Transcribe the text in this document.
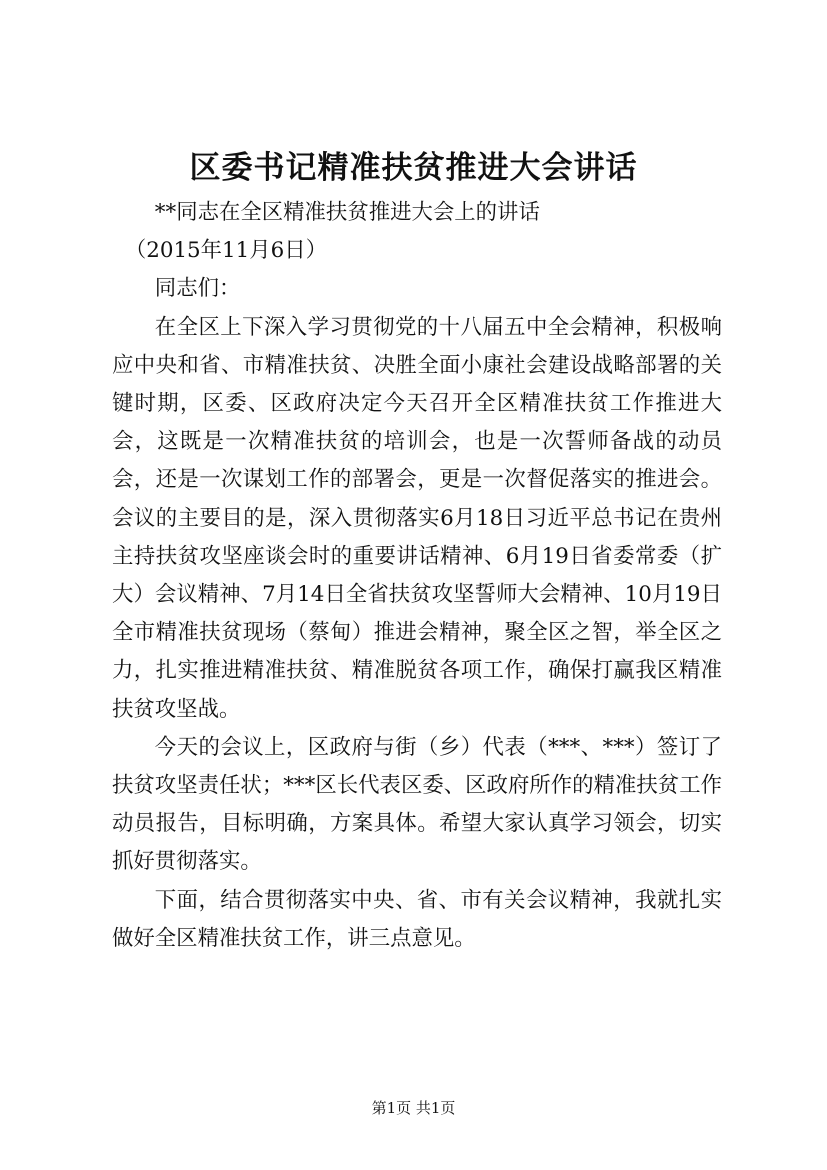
区委书记精准扶贫推进大会讲话

**同志在全区精准扶贫推进大会上的讲话

（2015年11月6日）

同志们：

在全区上下深入学习贯彻党的十八届五中全会精神，积极响应中央和省、市精准扶贫、决胜全面小康社会建设战略部署的关键时期，区委、区政府决定今天召开全区精准扶贫工作推进大会，这既是一次精准扶贫的培训会，也是一次誓师备战的动员会，还是一次谋划工作的部署会，更是一次督促落实的推进会。会议的主要目的是，深入贯彻落实6月18日习近平总书记在贵州主持扶贫攻坚座谈会时的重要讲话精神、6月19日省委常委（扩大）会议精神、7月14日全省扶贫攻坚誓师大会精神、10月19日全市精准扶贫现场（蔡甸）推进会精神，聚全区之智，举全区之力，扎实推进精准扶贫、精准脱贫各项工作，确保打赢我区精准扶贫攻坚战。

今天的会议上，区政府与街（乡）代表（***、***）签订了扶贫攻坚责任状；***区长代表区委、区政府所作的精准扶贫工作动员报告，目标明确，方案具体。希望大家认真学习领会，切实抓好贯彻落实。

下面，结合贯彻落实中央、省、市有关会议精神，我就扎实做好全区精准扶贫工作，讲三点意见。

第1页 共1页
